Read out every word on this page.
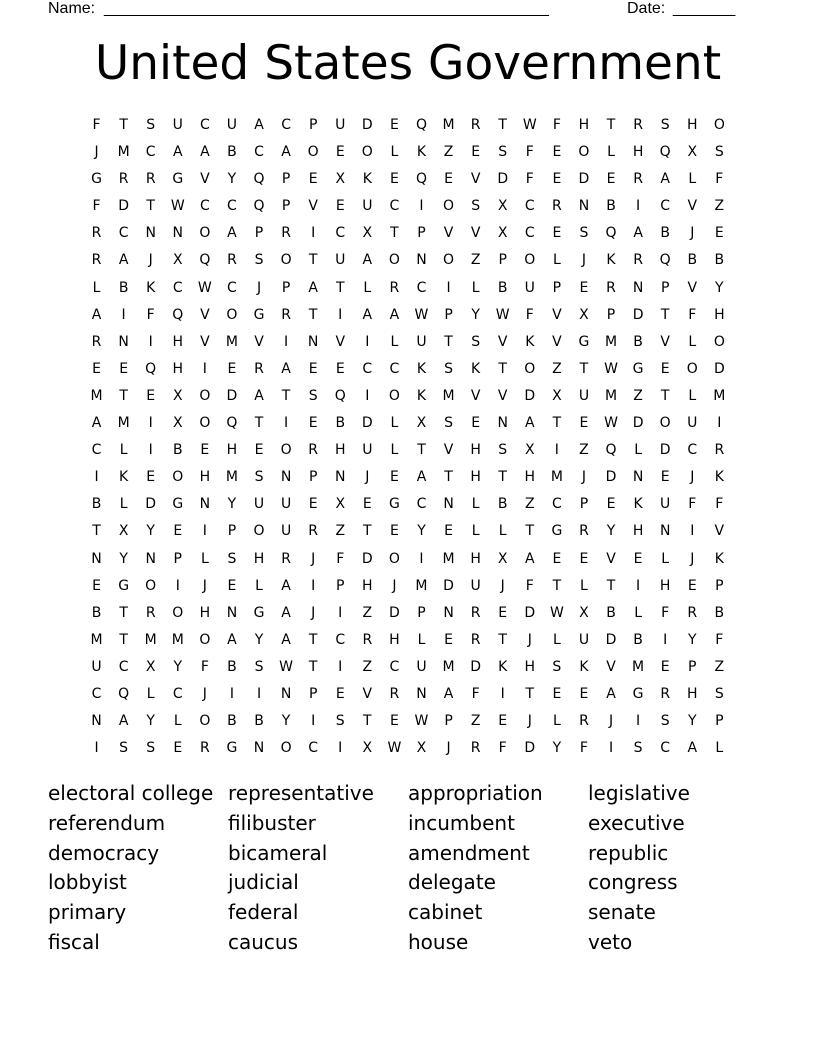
Name: __________________________________________________	Date: _______
United States Government
F	T	S	U	C	U	A	C	P	U	D	E	Q	M	R	T	W	F	H	T	R	S	H	O
J	M	C	A	A	B	C	A	O	E	O	L	K	Z	E	S	F	E	O	L	H	Q	X	S
G	R	R	G	V	Y	Q	P	E	X	K	E	Q	E	V	D	F	E	D	E	R	A	L	F
F	D	T	W	C	C	Q	P	V	E	U	C	I	O	S	X	C	R	N	B	I	C	V	Z
R	C	N	N	O	A	P	R	I	C	X	T	P	V	V	X	C	E	S	Q	A	B	J	E
R	A	J	X	Q	R	S	O	T	U	A	O	N	O	Z	P	O	L	J	K	R	Q	B	B
L	B	K	C	W	C	J	P	A	T	L	R	C	I	L	B	U	P	E	R	N	P	V	Y
A	I	F	Q	V	O	G	R	T	I	A	A	W	P	Y	W	F	V	X	P	D	T	F	H
R	N	I	H	V	M	V	I	N	V	I	L	U	T	S	V	K	V	G	M	B	V	L	O
E	E	Q	H	I	E	R	A	E	E	C	C	K	S	K	T	O	Z	T	W	G	E	O	D
M	T	E	X	O	D	A	T	S	Q	I	O	K	M	V	V	D	X	U	M	Z	T	L	M
A	M	I	X	O	Q	T	I	E	B	D	L	X	S	E	N	A	T	E	W	D	O	U	I
C	L	I	B	E	H	E	O	R	H	U	L	T	V	H	S	X	I	Z	Q	L	D	C	R
I	K	E	O	H	M	S	N	P	N	J	E	A	T	H	T	H	M	J	D	N	E	J	K
B	L	D	G	N	Y	U	U	E	X	E	G	C	N	L	B	Z	C	P	E	K	U	F	F
T	X	Y	E	I	P	O	U	R	Z	T	E	Y	E	L	L	T	G	R	Y	H	N	I	V
N	Y	N	P	L	S	H	R	J	F	D	O	I	M	H	X	A	E	E	V	E	L	J	K
E	G	O	I	J	E	L	A	I	P	H	J	M	D	U	J	F	T	L	T	I	H	E	P
B	T	R	O	H	N	G	A	J	I	Z	D	P	N	R	E	D	W	X	B	L	F	R	B
M	T	M	M	O	A	Y	A	T	C	R	H	L	E	R	T	J	L	U	D	B	I	Y	F
U	C	X	Y	F	B	S	W	T	I	Z	C	U	M	D	K	H	S	K	V	M	E	P	Z
C	Q	L	C	J	I	I	N	P	E	V	R	N	A	F	I	T	E	E	A	G	R	H	S
N	A	Y	L	O	B	B	Y	I	S	T	E	W	P	Z	E	J	L	R	J	I	S	Y	P
I	S	S	E	R	G	N	O	C	I	X	W	X	J	R	F	D	Y	F	I	S	C	A	L
electoral college
referendum
democracy
lobbyist
primary
fiscal
representative
filibuster
bicameral
judicial
federal
caucus
appropriation
incumbent
amendment
delegate
cabinet
house
legislative
executive
republic
congress
senate
veto
